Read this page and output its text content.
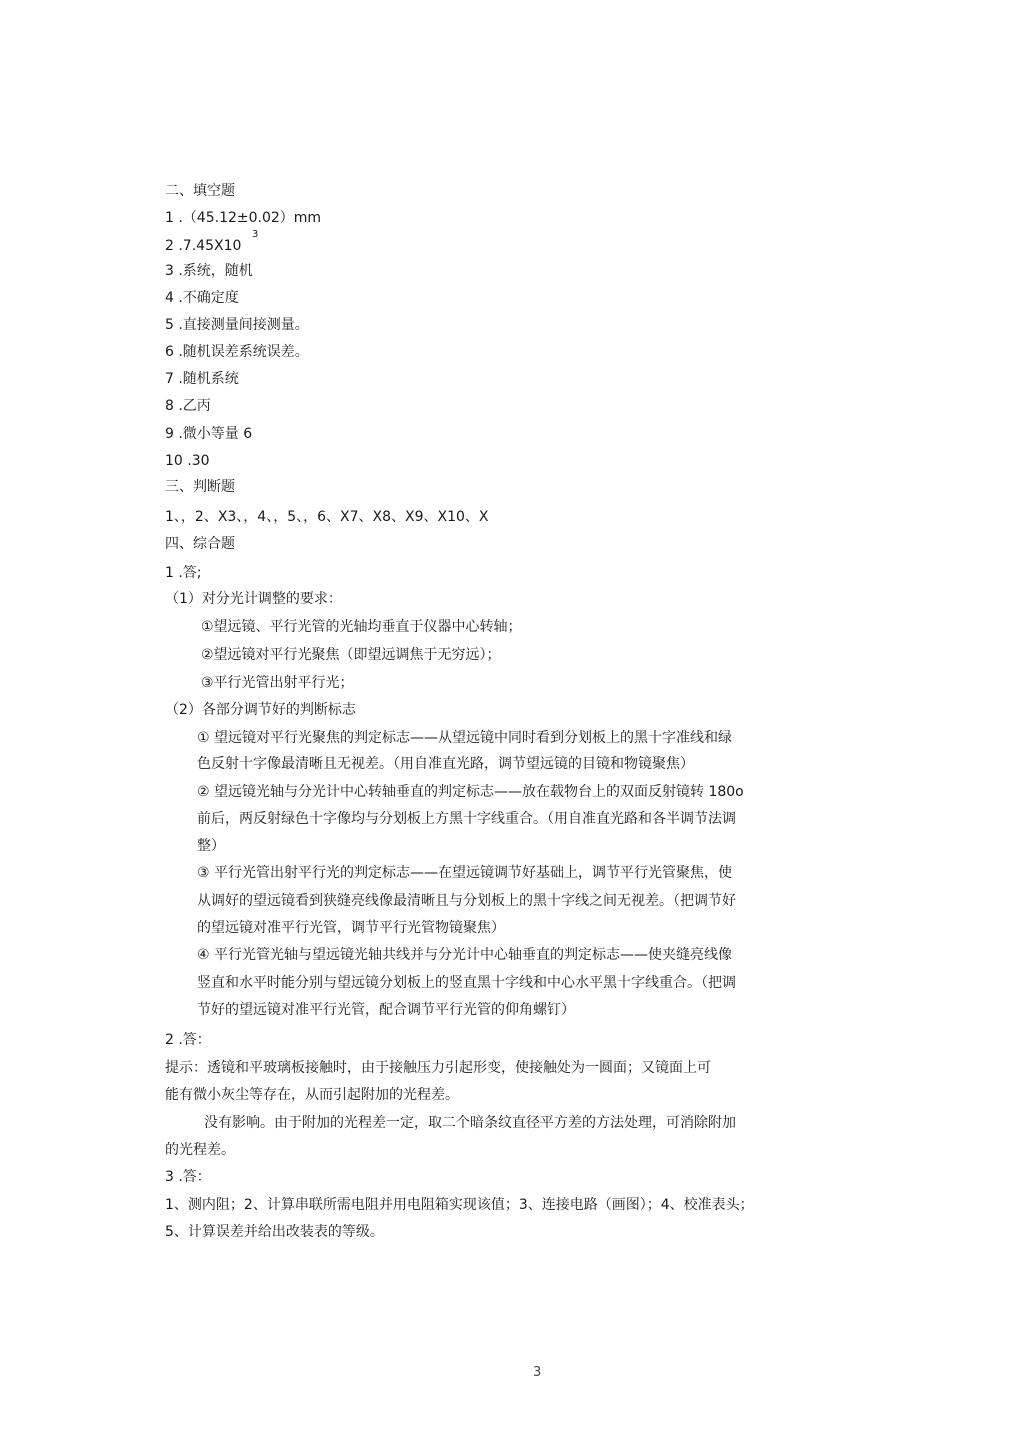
二、填空题
1 .（45.12±0.02）mm
2 .7.45X10
3
3 .系统，随机
4 .不确定度
5 .直接测量间接测量。
6 .随机误差系统误差。
7 .随机系统
8 .乙丙
9 .微小等量 6
10 .30
三、判断题
1、，2、X3、，4、，5、，6、X7、X8、X9、X10、X
四、综合题
1 .答;
（1）对分光计调整的要求：
①望远镜、平行光管的光轴均垂直于仪器中心转轴；
②望远镜对平行光聚焦（即望远调焦于无穷远）；
③平行光管出射平行光；
（2）各部分调节好的判断标志
① 望远镜对平行光聚焦的判定标志——从望远镜中同时看到分划板上的黑十字准线和绿
色反射十字像最清晰且无视差。（用自准直光路，调节望远镜的目镜和物镜聚焦）
② 望远镜光轴与分光计中心转轴垂直的判定标志——放在载物台上的双面反射镜转 180o
前后，两反射绿色十字像均与分划板上方黑十字线重合。（用自准直光路和各半调节法调
整）
③ 平行光管出射平行光的判定标志——在望远镜调节好基础上，调节平行光管聚焦，使
从调好的望远镜看到狭缝亮线像最清晰且与分划板上的黑十字线之间无视差。（把调节好
的望远镜对准平行光管，调节平行光管物镜聚焦）
④ 平行光管光轴与望远镜光轴共线并与分光计中心轴垂直的判定标志——使夹缝亮线像
竖直和水平时能分别与望远镜分划板上的竖直黑十字线和中心水平黑十字线重合。（把调
节好的望远镜对准平行光管，配合调节平行光管的仰角螺钉）
2 .答：
提示：透镜和平玻璃板接触时，由于接触压力引起形变，使接触处为一圆面；又镜面上可
能有微小灰尘等存在，从而引起附加的光程差。
没有影响。由于附加的光程差一定，取二个暗条纹直径平方差的方法处理，可消除附加
的光程差。
3 .答：
1、测内阻；2、计算串联所需电阻并用电阻箱实现该值；3、连接电路（画图）；4、校准表头；
5、计算误差并给出改装表的等级。
3
